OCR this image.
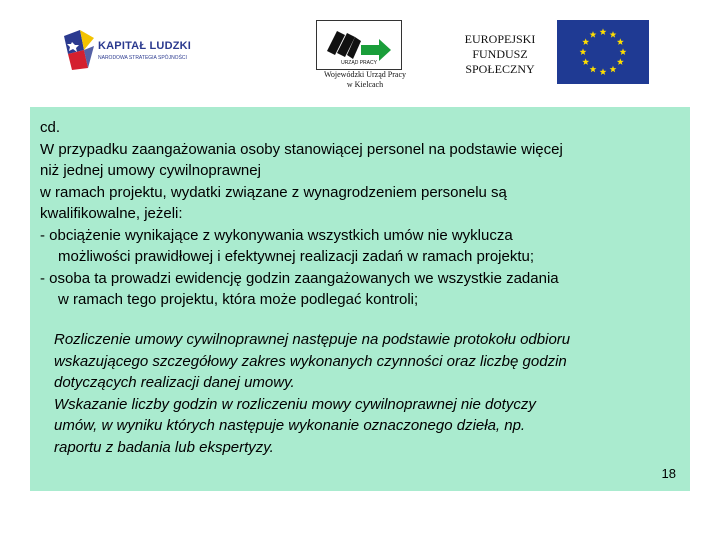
KAPITAŁ LUDZKI
NARODOWA STRATEGIA SPÓJNOŚCI
URZĄD PRACY
Wojewódzki Urząd Pracy
w Kielcach
EUROPEJSKI
FUNDUSZ
SPOŁECZNY
cd.
W przypadku zaangażowania osoby stanowiącej personel na podstawie więcej
niż jednej umowy cywilnoprawnej
w ramach projektu, wydatki związane z wynagrodzeniem personelu są
kwalifikowalne, jeżeli:
- obciążenie wynikające z wykonywania wszystkich umów nie wyklucza
możliwości prawidłowej i efektywnej realizacji zadań w ramach projektu;
- osoba ta prowadzi ewidencję godzin zaangażowanych we wszystkie zadania
w ramach tego projektu, która może podlegać kontroli;
Rozliczenie umowy cywilnoprawnej następuje na podstawie protokołu odbioru
wskazującego szczegółowy zakres wykonanych czynności oraz liczbę godzin
dotyczących realizacji danej umowy.
Wskazanie liczby godzin w rozliczeniu mowy cywilnoprawnej nie dotyczy
umów, w wyniku których następuje wykonanie oznaczonego dzieła, np.
raportu z badania lub ekspertyzy.
18
